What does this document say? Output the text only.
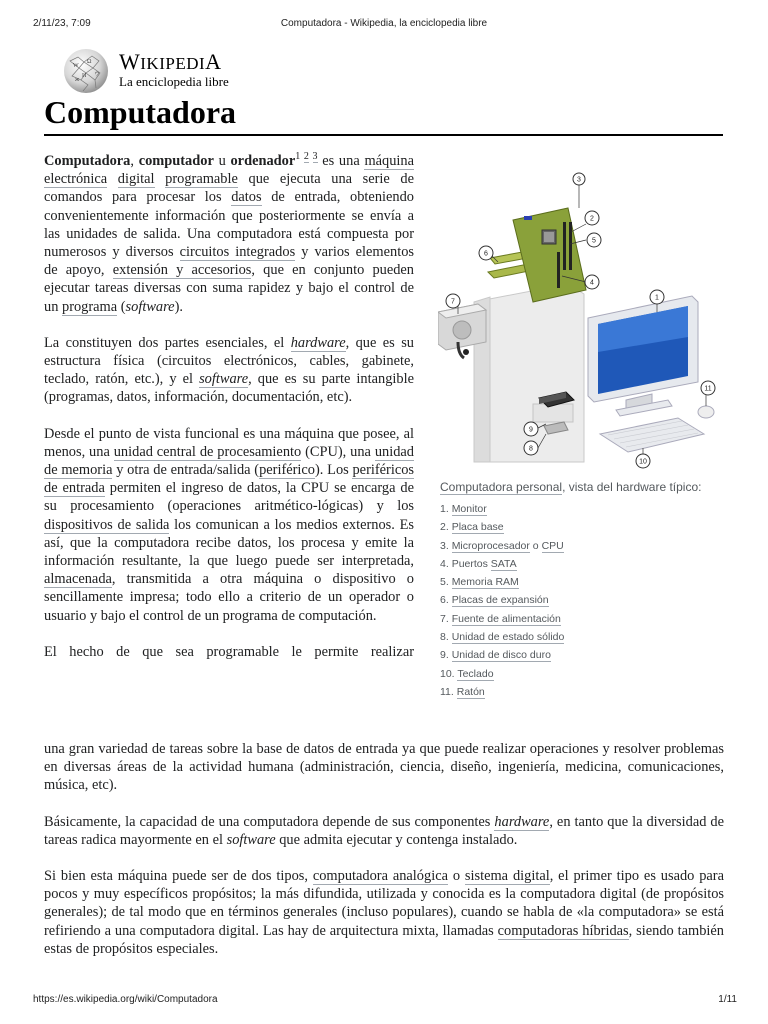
2/11/23, 7:09	Computadora - Wikipedia, la enciclopedia libre
W
Ω
И ウ
ж
WIKIPEDIA
La enciclopedia libre
Computadora

Computadora, computador u ordenador$^{1 2 3}$ es una máquina electrónica digital programable que ejecuta una serie de comandos para procesar los datos de entrada, obteniendo convenientemente información que posteriormente se envía a las unidades de salida. Una computadora está compuesta por numerosos y diversos circuitos integrados y varios elementos de apoyo, extensión y accesorios, que en conjunto pueden ejecutar tareas diversas con suma rapidez y bajo el control de un programa (software).

La constituyen dos partes esenciales, el hardware, que es su estructura física (circuitos electrónicos, cables, gabinete, teclado, ratón, etc.), y el software, que es su parte intangible (programas, datos, información, documentación, etc).

Desde el punto de vista funcional es una máquina que posee, al menos, una unidad central de procesamiento (CPU), una unidad de memoria y otra de entrada/salida (periférico). Los periféricos de entrada permiten el ingreso de datos, la CPU se encarga de su procesamiento (operaciones aritmético-lógicas) y los dispositivos de salida los comunican a los medios externos. Es así, que la computadora recibe datos, los procesa y emite la información resultante, la que luego puede ser interpretada, almacenada, transmitida a otra máquina o dispositivo o sencillamente impresa; todo ello a criterio de un operador o usuario y bajo el control de un programa de computación.

El hecho de que sea programable le permite realizar

una gran variedad de tareas sobre la base de datos de entrada ya que puede realizar operaciones y resolver problemas en diversas áreas de la actividad humana (administración, ciencia, diseño, ingeniería, medicina, comunicaciones, música, etc).

Básicamente, la capacidad de una computadora depende de sus componentes hardware, en tanto que la diversidad de tareas radica mayormente en el software que admita ejecutar y contenga instalado.

Si bien esta máquina puede ser de dos tipos, computadora analógica o sistema digital, el primer tipo es usado para pocos y muy específicos propósitos; la más difundida, utilizada y conocida es la computadora digital (de propósitos generales); de tal modo que en términos generales (incluso populares), cuando se habla de «la computadora» se está refiriendo a una computadora digital. Las hay de arquitectura mixta, llamadas computadoras híbridas, siendo también estas de propósitos especiales.

1
2
3
4
5
6
7
8
9
10
11
Computadora personal, vista del hardware típico:
1. Monitor
2. Placa base
3. Microprocesador o CPU
4. Puertos SATA
5. Memoria RAM
6. Placas de expansión
7. Fuente de alimentación
8. Unidad de estado sólido
9. Unidad de disco duro
10. Teclado
11. Ratón
https://es.wikipedia.org/wiki/Computadora	1/11
